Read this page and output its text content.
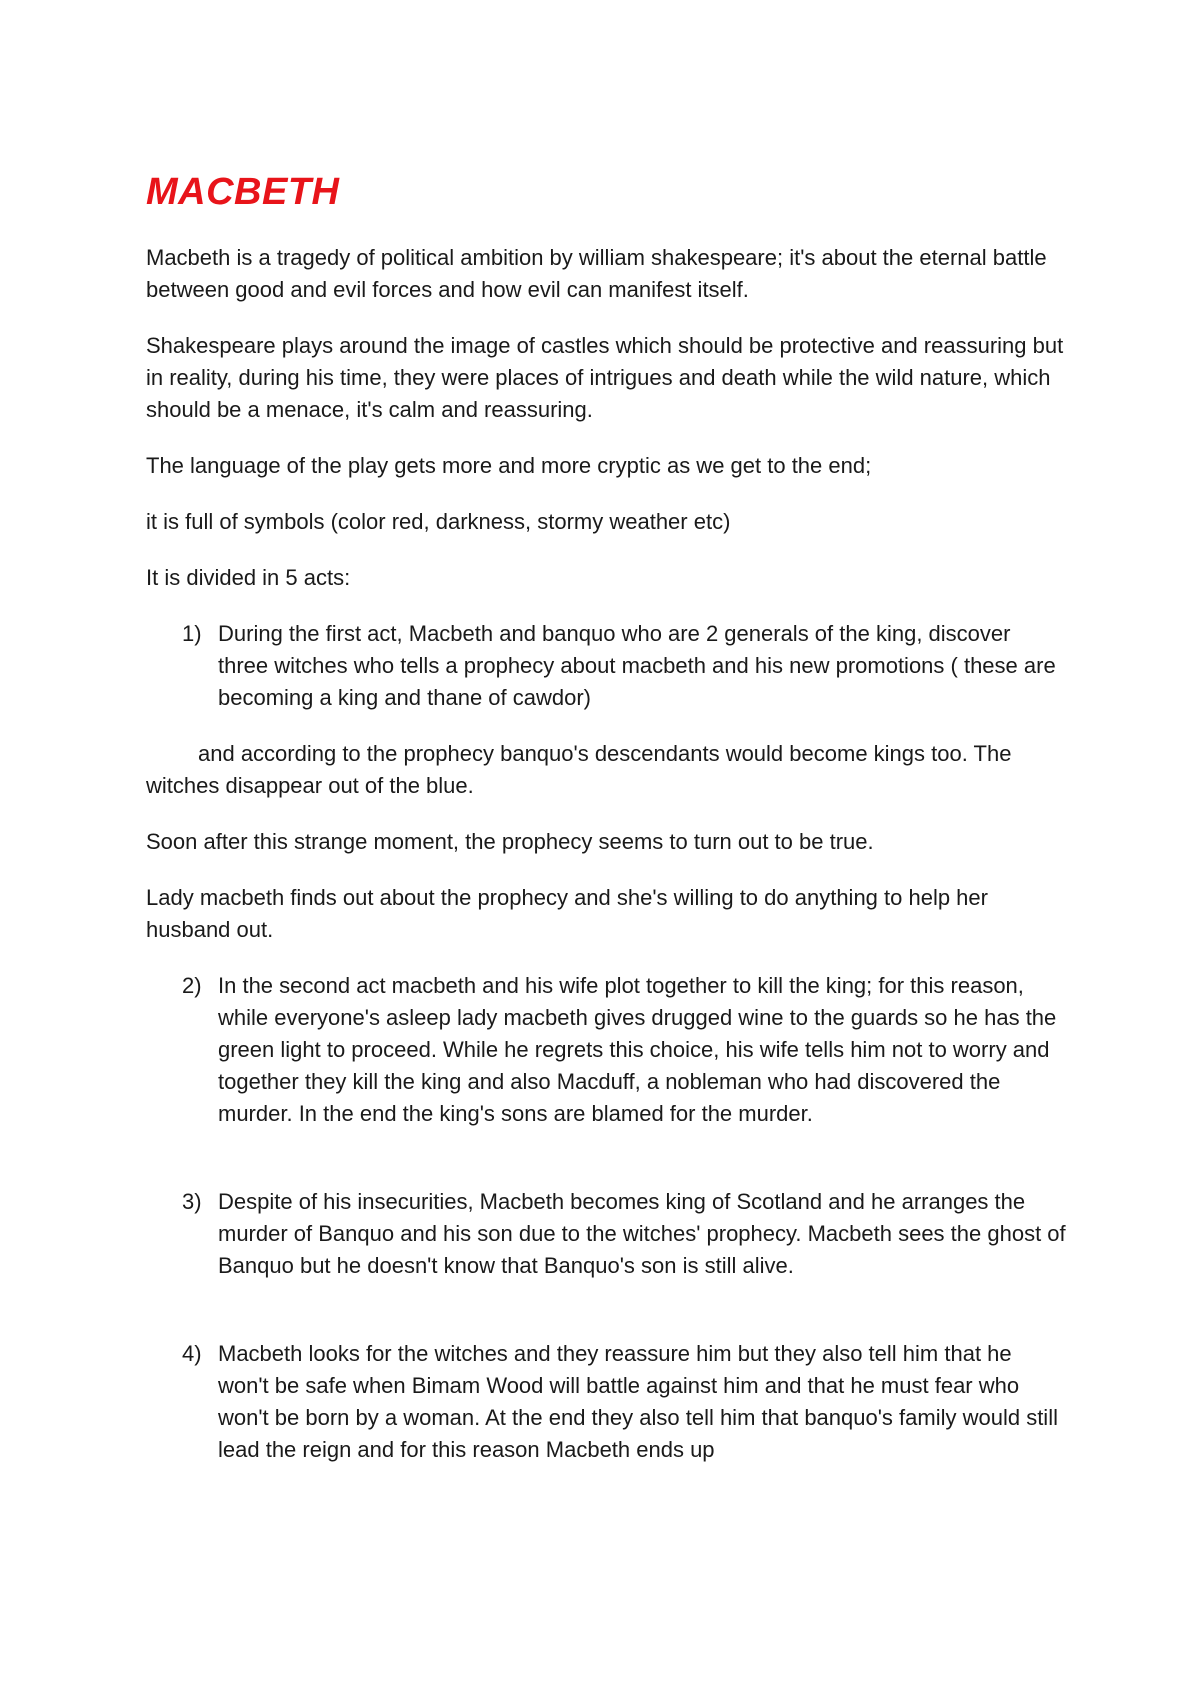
MACBETH

Macbeth is a tragedy of political ambition by william shakespeare; it's about the eternal battle between good and evil forces and how evil can manifest itself.

Shakespeare plays around the image of castles which should be protective and reassuring but in reality, during his time, they were places of intrigues and death while the wild nature, which should be a menace, it's calm and reassuring.

The language of the play gets more and more cryptic as we get to the end;

it is full of symbols (color red, darkness, stormy weather etc)

It is divided in 5 acts:

1) During the first act, Macbeth and banquo who are 2 generals of the king, discover three witches who tells a prophecy about macbeth and his new promotions ( these are becoming a king and thane of cawdor)

and according to the prophecy banquo's descendants would become kings too. The witches disappear out of the blue.

Soon after this strange moment, the prophecy seems to turn out to be true.

Lady macbeth finds out about the prophecy and she's willing to do anything to help her husband out.

2) In the second act macbeth and his wife plot together to kill the king; for this reason, while everyone's asleep lady macbeth gives drugged wine to the guards so he has the green light to proceed. While he regrets this choice, his wife tells him not to worry and together they kill the king and also Macduff, a nobleman who had discovered the murder. In the end the king's sons are blamed for the murder.
3) Despite of his insecurities, Macbeth becomes king of Scotland and he arranges the murder of Banquo and his son due to the witches' prophecy. Macbeth sees the ghost of Banquo but he doesn't know that Banquo's son is still alive.
4) Macbeth looks for the witches and they reassure him but they also tell him that he won't be safe when Bimam Wood will battle against him and that he must fear who won't be born by a woman. At the end they also tell him that banquo's family would still lead the reign and for this reason Macbeth ends up
